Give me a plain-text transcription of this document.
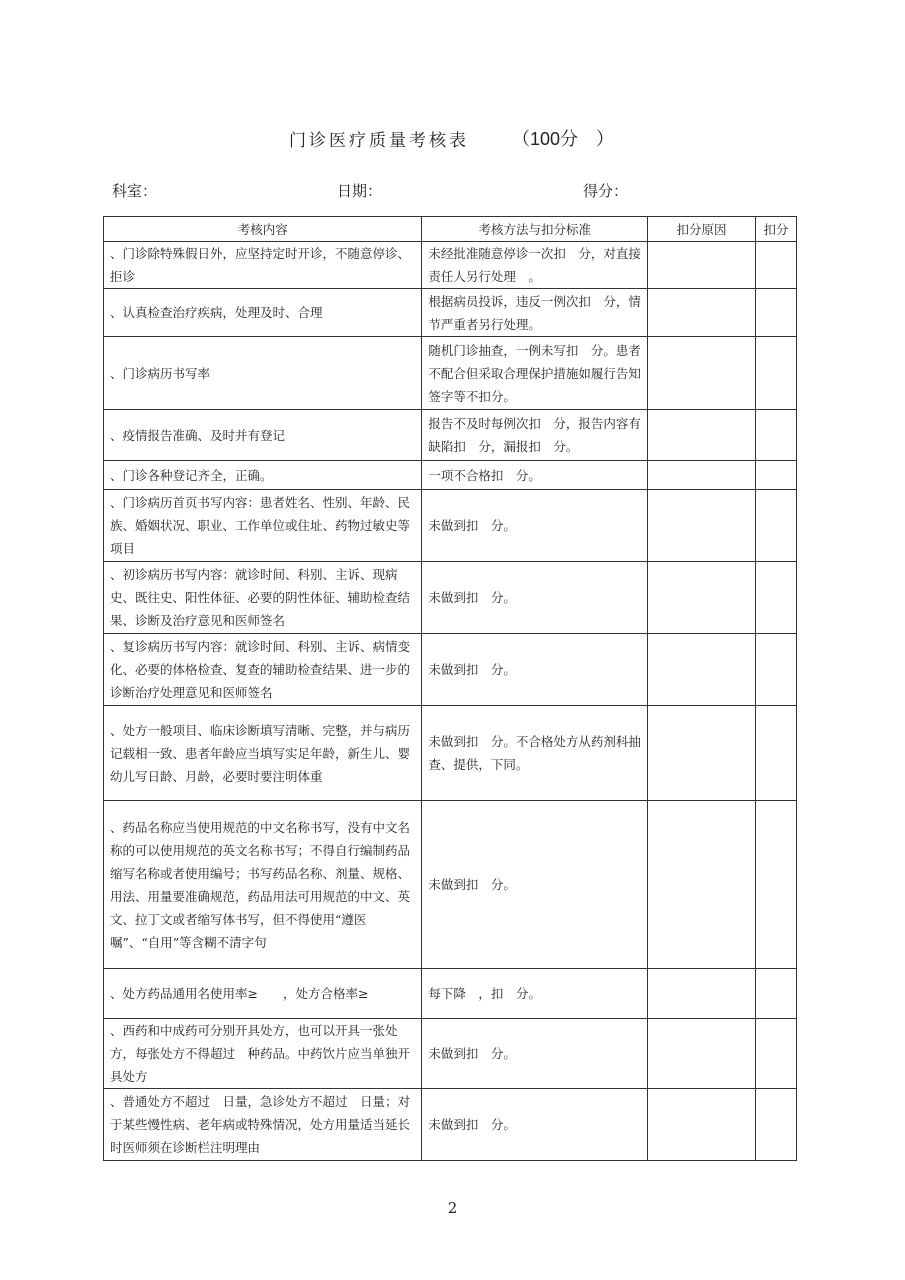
门诊医疗质量考核表 （100分　）
科室：	日期：	得分：
考核内容	考核方法与扣分标准	扣分原因	扣分
、门诊除特殊假日外，应坚持定时开诊，不随意停诊、拒诊	未经批准随意停诊一次扣　分，对直接责任人另行处理　。		
、认真检查治疗疾病，处理及时、合理	根据病员投诉，违反一例次扣　分，情节严重者另行处理。		
、门诊病历书写率	随机门诊抽查，一例未写扣　分。患者不配合但采取合理保护措施如履行告知签字等不扣分。		
、疫情报告准确、及时并有登记	报告不及时每例次扣　分，报告内容有缺陷扣　分，漏报扣　分。		
、门诊各种登记齐全，正确。	一项不合格扣　分。		
、门诊病历首页书写内容：患者姓名、性别、年龄、民族、婚姻状况、职业、工作单位或住址、药物过敏史等项目	未做到扣　分。		
、初诊病历书写内容：就诊时间、科别、主诉、现病史、既往史、阳性体征、必要的阴性体征、辅助检查结果、诊断及治疗意见和医师签名	未做到扣　分。		
、复诊病历书写内容：就诊时间、科别、主诉、病情变化、必要的体格检查、复查的辅助检查结果、进一步的诊断治疗处理意见和医师签名	未做到扣　分。		
、处方一般项目、临床诊断填写清晰、完整，并与病历记载相一致、患者年龄应当填写实足年龄，新生儿、婴幼儿写日龄、月龄，必要时要注明体重	未做到扣　分。不合格处方从药剂科抽查、提供，下同。		
、药品名称应当使用规范的中文名称书写，没有中文名称的可以使用规范的英文名称书写；不得自行编制药品缩写名称或者使用编号；书写药品名称、剂量、规格、用法、用量要准确规范，药品用法可用规范的中文、英文、拉丁文或者缩写体书写，但不得使用“遵医嘱”、“自用”等含糊不清字句	未做到扣　分。		
、处方药品通用名使用率≥　　，处方合格率≥	每下降　，扣　分。		
、西药和中成药可分别开具处方，也可以开具一张处方，每张处方不得超过　种药品。中药饮片应当单独开具处方	未做到扣　分。		
、普通处方不超过　日量，急诊处方不超过　日量；对于某些慢性病、老年病或特殊情况，处方用量适当延长时医师须在诊断栏注明理由	未做到扣　分。		
2
